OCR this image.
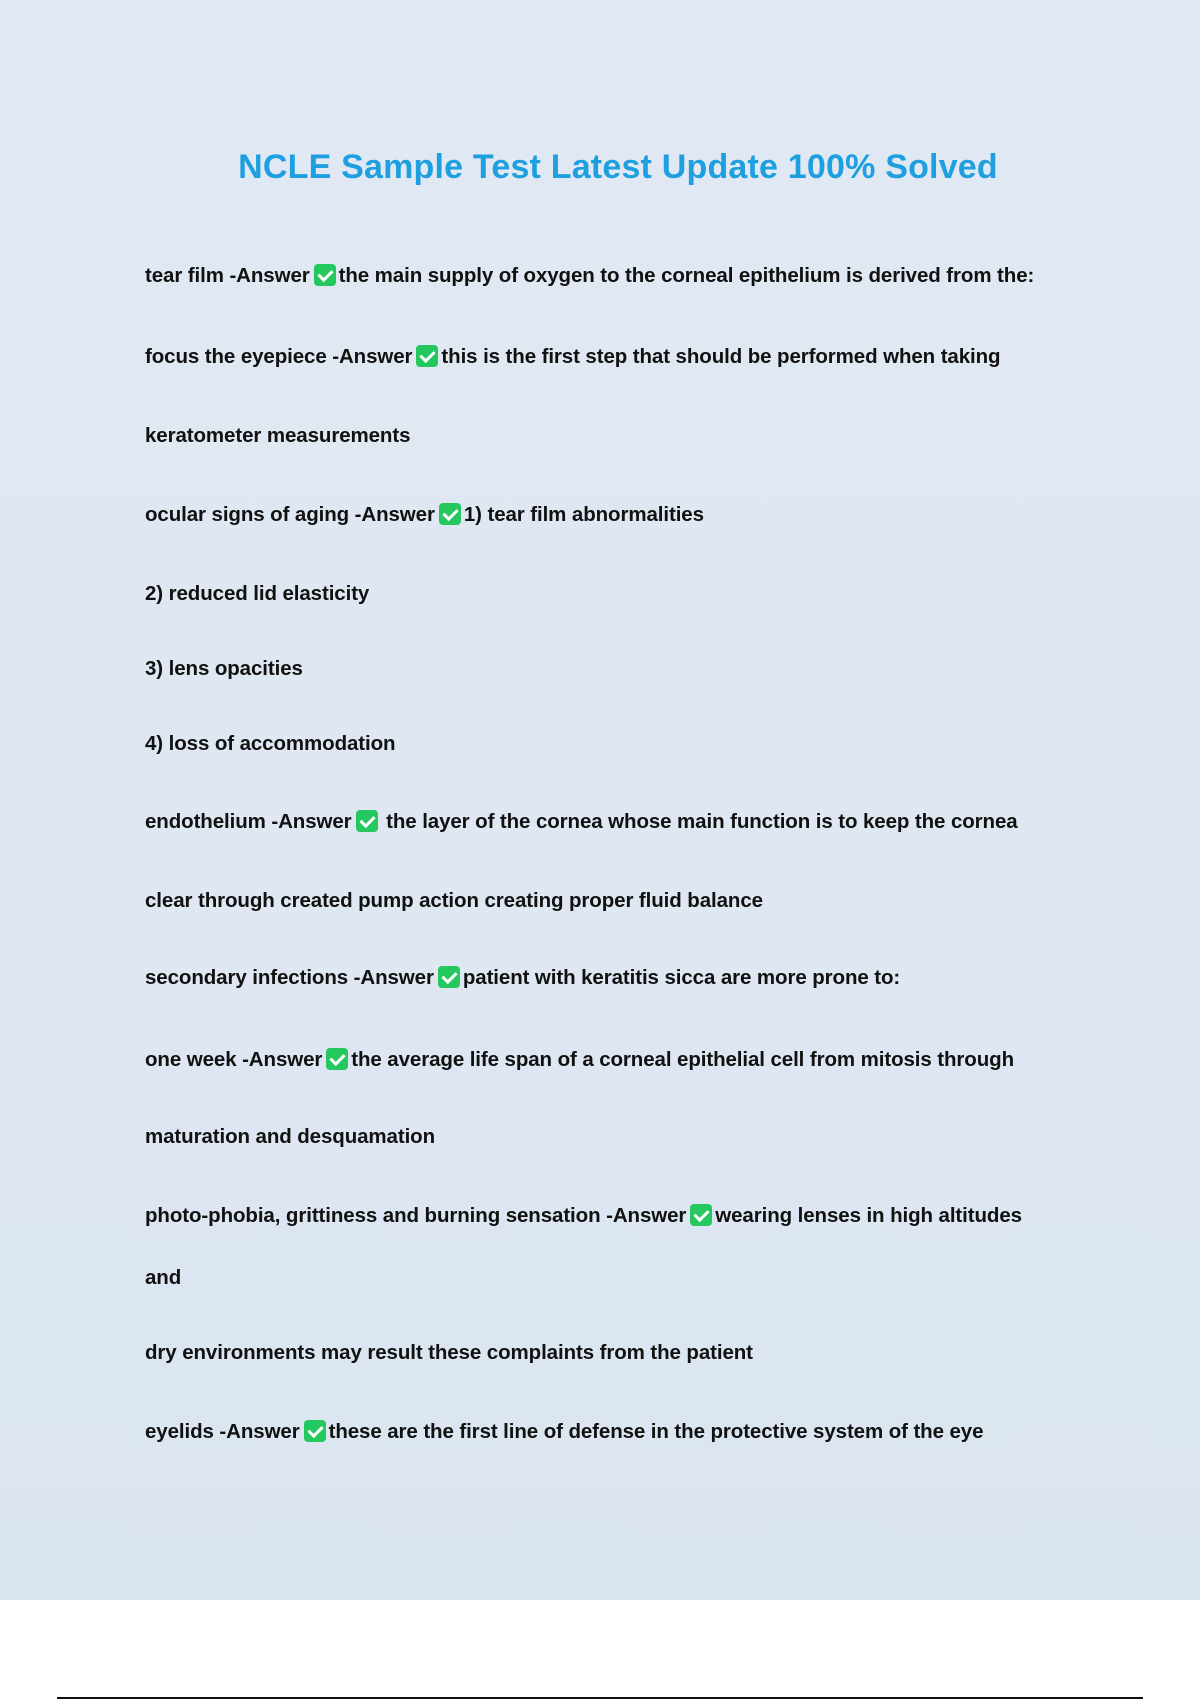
NCLE Sample Test Latest Update 100% Solved
tear film -Answer the main supply of oxygen to the corneal epithelium is derived from the:
focus the eyepiece -Answer this is the first step that should be performed when taking
keratometer measurements
ocular signs of aging -Answer 1) tear film abnormalities
2) reduced lid elasticity
3) lens opacities
4) loss of accommodation
endothelium -Answer the layer of the cornea whose main function is to keep the cornea
clear through created pump action creating proper fluid balance
secondary infections -Answer patient with keratitis sicca are more prone to:
one week -Answer the average life span of a corneal epithelial cell from mitosis through
maturation and desquamation
photo-phobia, grittiness and burning sensation -Answer wearing lenses in high altitudes
and
dry environments may result these complaints from the patient
eyelids -Answer these are the first line of defense in the protective system of the eye
